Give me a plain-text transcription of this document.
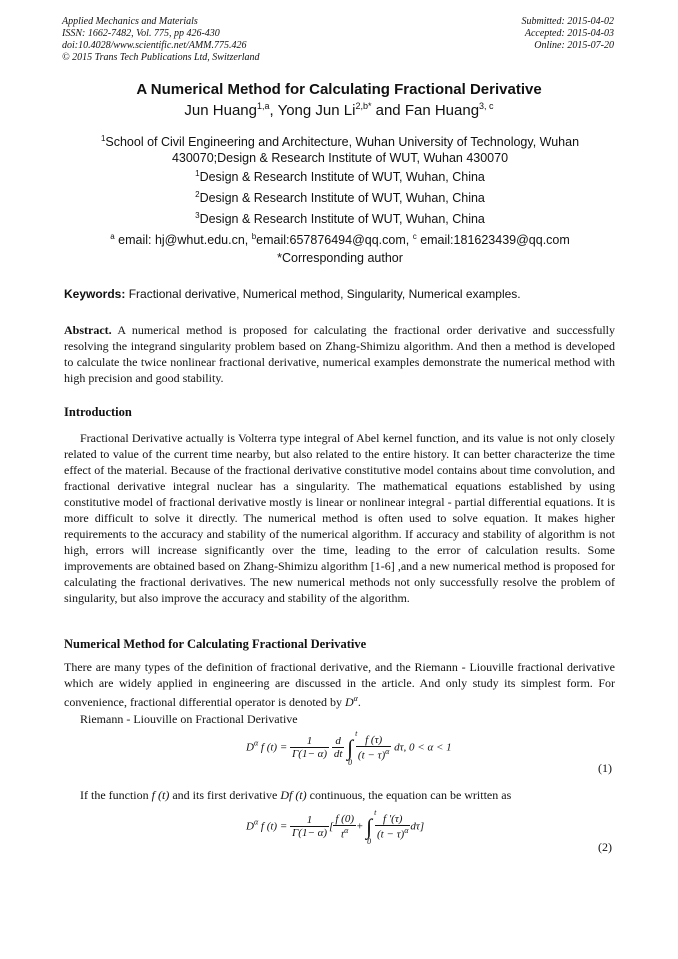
Applied Mechanics and Materials
ISSN: 1662-7482, Vol. 775, pp 426-430
doi:10.4028/www.scientific.net/AMM.775.426
© 2015 Trans Tech Publications Ltd, Switzerland
Submitted: 2015-04-02
Accepted: 2015-04-03
Online: 2015-07-20
A Numerical Method for Calculating Fractional Derivative
Jun Huang$^{1,a}$, Yong Jun $Li^{2,b*}$ and Fan Huang$^{3, c}$
$^1$School of Civil Engineering and Architecture, Wuhan University of Technology, Wuhan 430070;Design & Research Institute of WUT, Wuhan 430070
$^1$Design & Research Institute of WUT, Wuhan, China
$^2$Design & Research Institute of WUT, Wuhan, China
$^3$Design & Research Institute of WUT, Wuhan, China
$^a$ email: hj@whut.edu.cn, $^b$email:657876494@qq.com, $^c$ email:181623439@qq.com
*Corresponding author
Keywords: Fractional derivative, Numerical method, Singularity, Numerical examples.
Abstract. A numerical method is proposed for calculating the fractional order derivative and successfully resolving the integrand singularity problem based on Zhang-Shimizu algorithm. And then a method is developed to calculate the twice nonlinear fractional derivative, numerical examples demonstrate the numerical method with high precision and good stability.
Introduction
Fractional Derivative actually is Volterra type integral of Abel kernel function, and its value is not only closely related to value of the current time nearby, but also related to the entire history. It can better characterize the time effect of the material. Because of the fractional derivative constitutive model contains about time convolution, and fractional derivative integral nuclear has a singularity. The mathematical equations established by using constitutive model of fractional derivative mostly is linear or nonlinear integral - partial differential equations. It is more difficult to solve it directly. The numerical method is often used to solve equation. It makes higher requirements to the accuracy and stability of the numerical algorithm. If accuracy and stability of algorithm is not high, errors will increase significantly over the time, leading to the error of calculation results. Some improvements are obtained based on Zhang-Shimizu algorithm [1-6] ,and a new numerical method is proposed for calculating the fractional derivatives. The new numerical methods not only successfully resolve the problem of singularity, but also improve the accuracy and stability of the algorithm.
Numerical Method for Calculating Fractional Derivative
There are many types of the definition of fractional derivative, and the Riemann - Liouville fractional derivative which are widely applied in engineering are discussed in the article. And only study its simplest form. For convenience, fractional differential operator is denoted by $D^\alpha$.
Riemann - Liouville on Fractional Derivative
$D^\alpha$ f $(t) = \frac{1}{\Gamma(1- \alpha)}$
$\frac{d}{dt}$ ∫
t
0

$\frac{f (\tau)}{(t - \tau)^\alpha} d\tau$, 0 < α < 1
(1)
If the function f (t) and its first derivative Df (t) continuous, the equation can be written as
$D^\alpha$ f $(t) = \frac{1}{\Gamma(1- \alpha)}$ [ $\frac{f (0)}{t^\alpha}$ + ∫
t
0

$\frac{f '(\tau)}{(t - \tau)^\alpha} d\tau$]
(2)
